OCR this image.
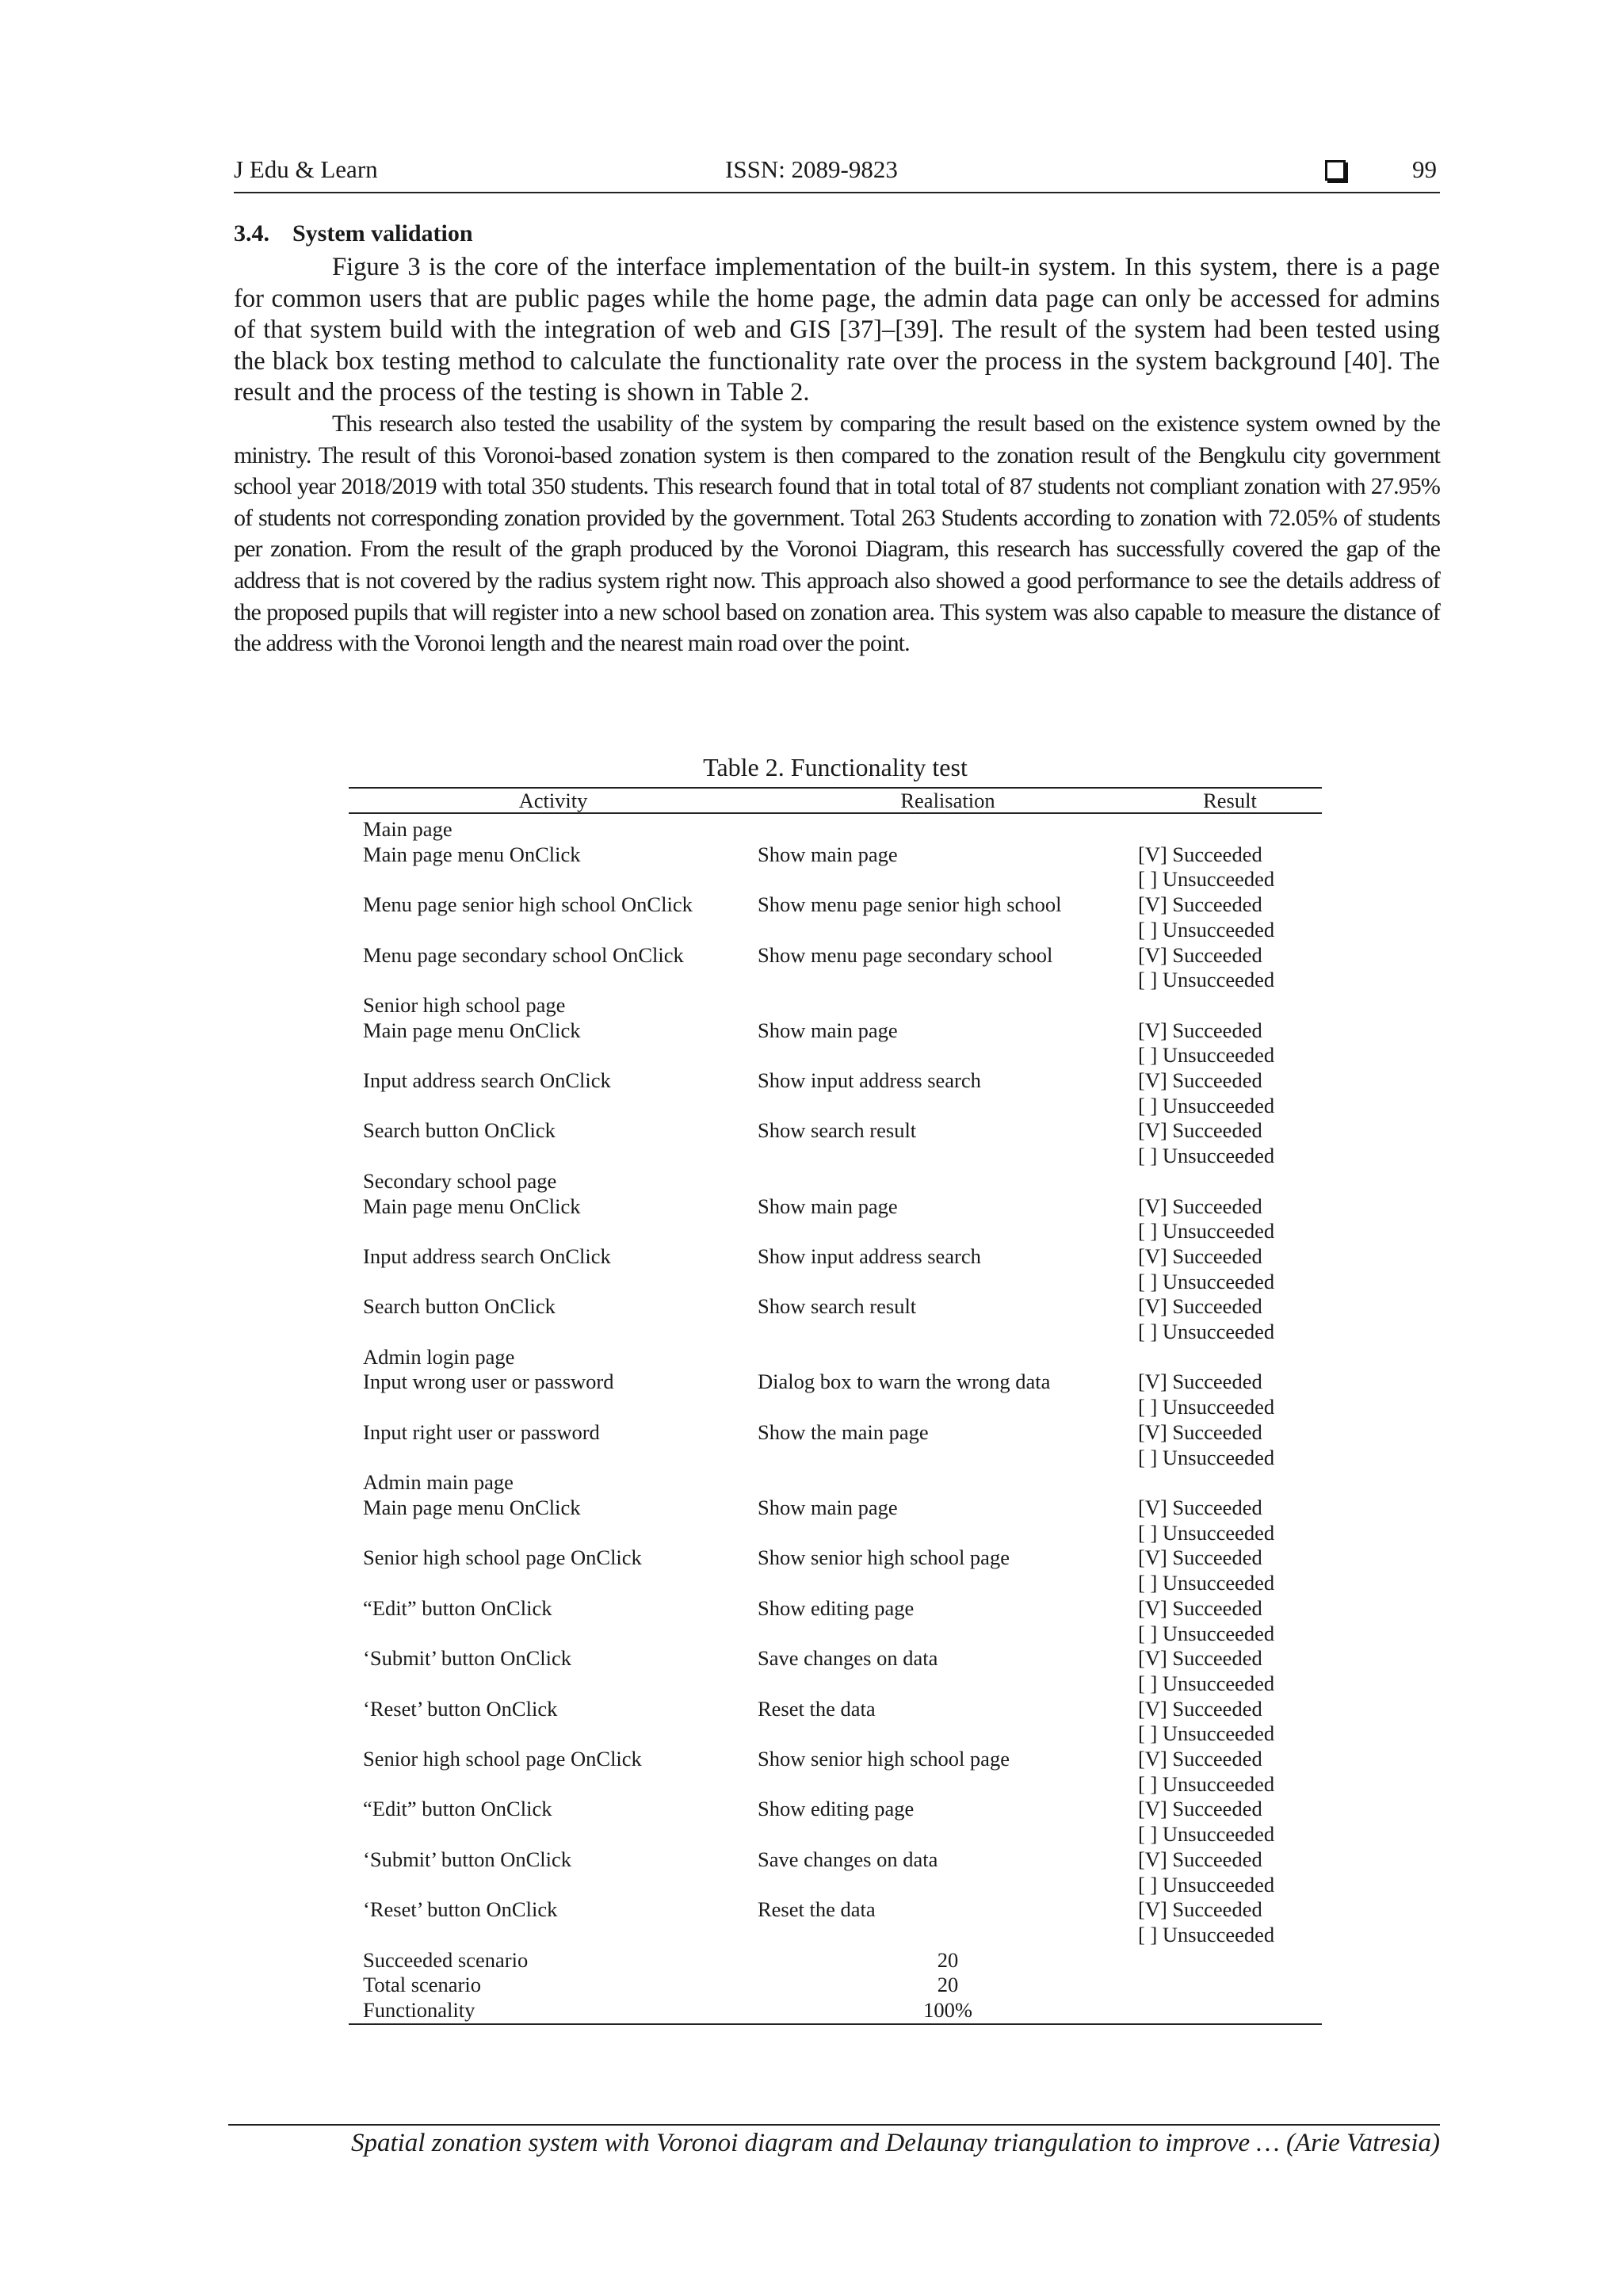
J Edu & Learn	ISSN: 2089-9823	99
3.4. System validation

Figure 3 is the core of the interface implementation of the built-in system. In this system, there is a page for common users that are public pages while the home page, the admin data page can only be accessed for admins of that system build with the integration of web and GIS [37]–[39]. The result of the system had been tested using the black box testing method to calculate the functionality rate over the process in the system background [40]. The result and the process of the testing is shown in Table 2.

This research also tested the usability of the system by comparing the result based on the existence system owned by the ministry. The result of this Voronoi-based zonation system is then compared to the zonation result of the Bengkulu city government school year 2018/2019 with total 350 students. This research found that in total total of 87 students not compliant zonation with 27.95% of students not corresponding zonation provided by the government. Total 263 Students according to zonation with 72.05% of students per zonation. From the result of the graph produced by the Voronoi Diagram, this research has successfully covered the gap of the address that is not covered by the radius system right now. This approach also showed a good performance to see the details address of the proposed pupils that will register into a new school based on zonation area. This system was also capable to measure the distance of the address with the Voronoi length and the nearest main road over the point.

Table 2. Functionality test
Activity	Realisation	Result
Main page		
Main page menu OnClick	Show main page	[V] Succeeded
[ ] Unsucceeded

Menu page senior high school OnClick	Show menu page senior high school	[V] Succeeded
[ ] Unsucceeded

Menu page secondary school OnClick	Show menu page secondary school	[V] Succeeded
[ ] Unsucceeded

Senior high school page		
Main page menu OnClick	Show main page	[V] Succeeded
[ ] Unsucceeded

Input address search OnClick	Show input address search	[V] Succeeded
[ ] Unsucceeded

Search button OnClick	Show search result	[V] Succeeded
[ ] Unsucceeded

Secondary school page		
Main page menu OnClick	Show main page	[V] Succeeded
[ ] Unsucceeded

Input address search OnClick	Show input address search	[V] Succeeded
[ ] Unsucceeded

Search button OnClick	Show search result	[V] Succeeded
[ ] Unsucceeded

Admin login page		
Input wrong user or password	Dialog box to warn the wrong data	[V] Succeeded
[ ] Unsucceeded

Input right user or password	Show the main page	[V] Succeeded
[ ] Unsucceeded

Admin main page		
Main page menu OnClick	Show main page	[V] Succeeded
[ ] Unsucceeded

Senior high school page OnClick	Show senior high school page	[V] Succeeded
[ ] Unsucceeded

“Edit” button OnClick	Show editing page	[V] Succeeded
[ ] Unsucceeded

‘Submit’ button OnClick	Save changes on data	[V] Succeeded
[ ] Unsucceeded

‘Reset’ button OnClick	Reset the data	[V] Succeeded
[ ] Unsucceeded

Senior high school page OnClick	Show senior high school page	[V] Succeeded
[ ] Unsucceeded

“Edit” button OnClick	Show editing page	[V] Succeeded
[ ] Unsucceeded

‘Submit’ button OnClick	Save changes on data	[V] Succeeded
[ ] Unsucceeded

‘Reset’ button OnClick	Reset the data	[V] Succeeded
[ ] Unsucceeded

Succeeded scenario	20	
Total scenario	20	
Functionality	100%	
Spatial zonation system with Voronoi diagram and Delaunay triangulation to improve … (Arie Vatresia)
